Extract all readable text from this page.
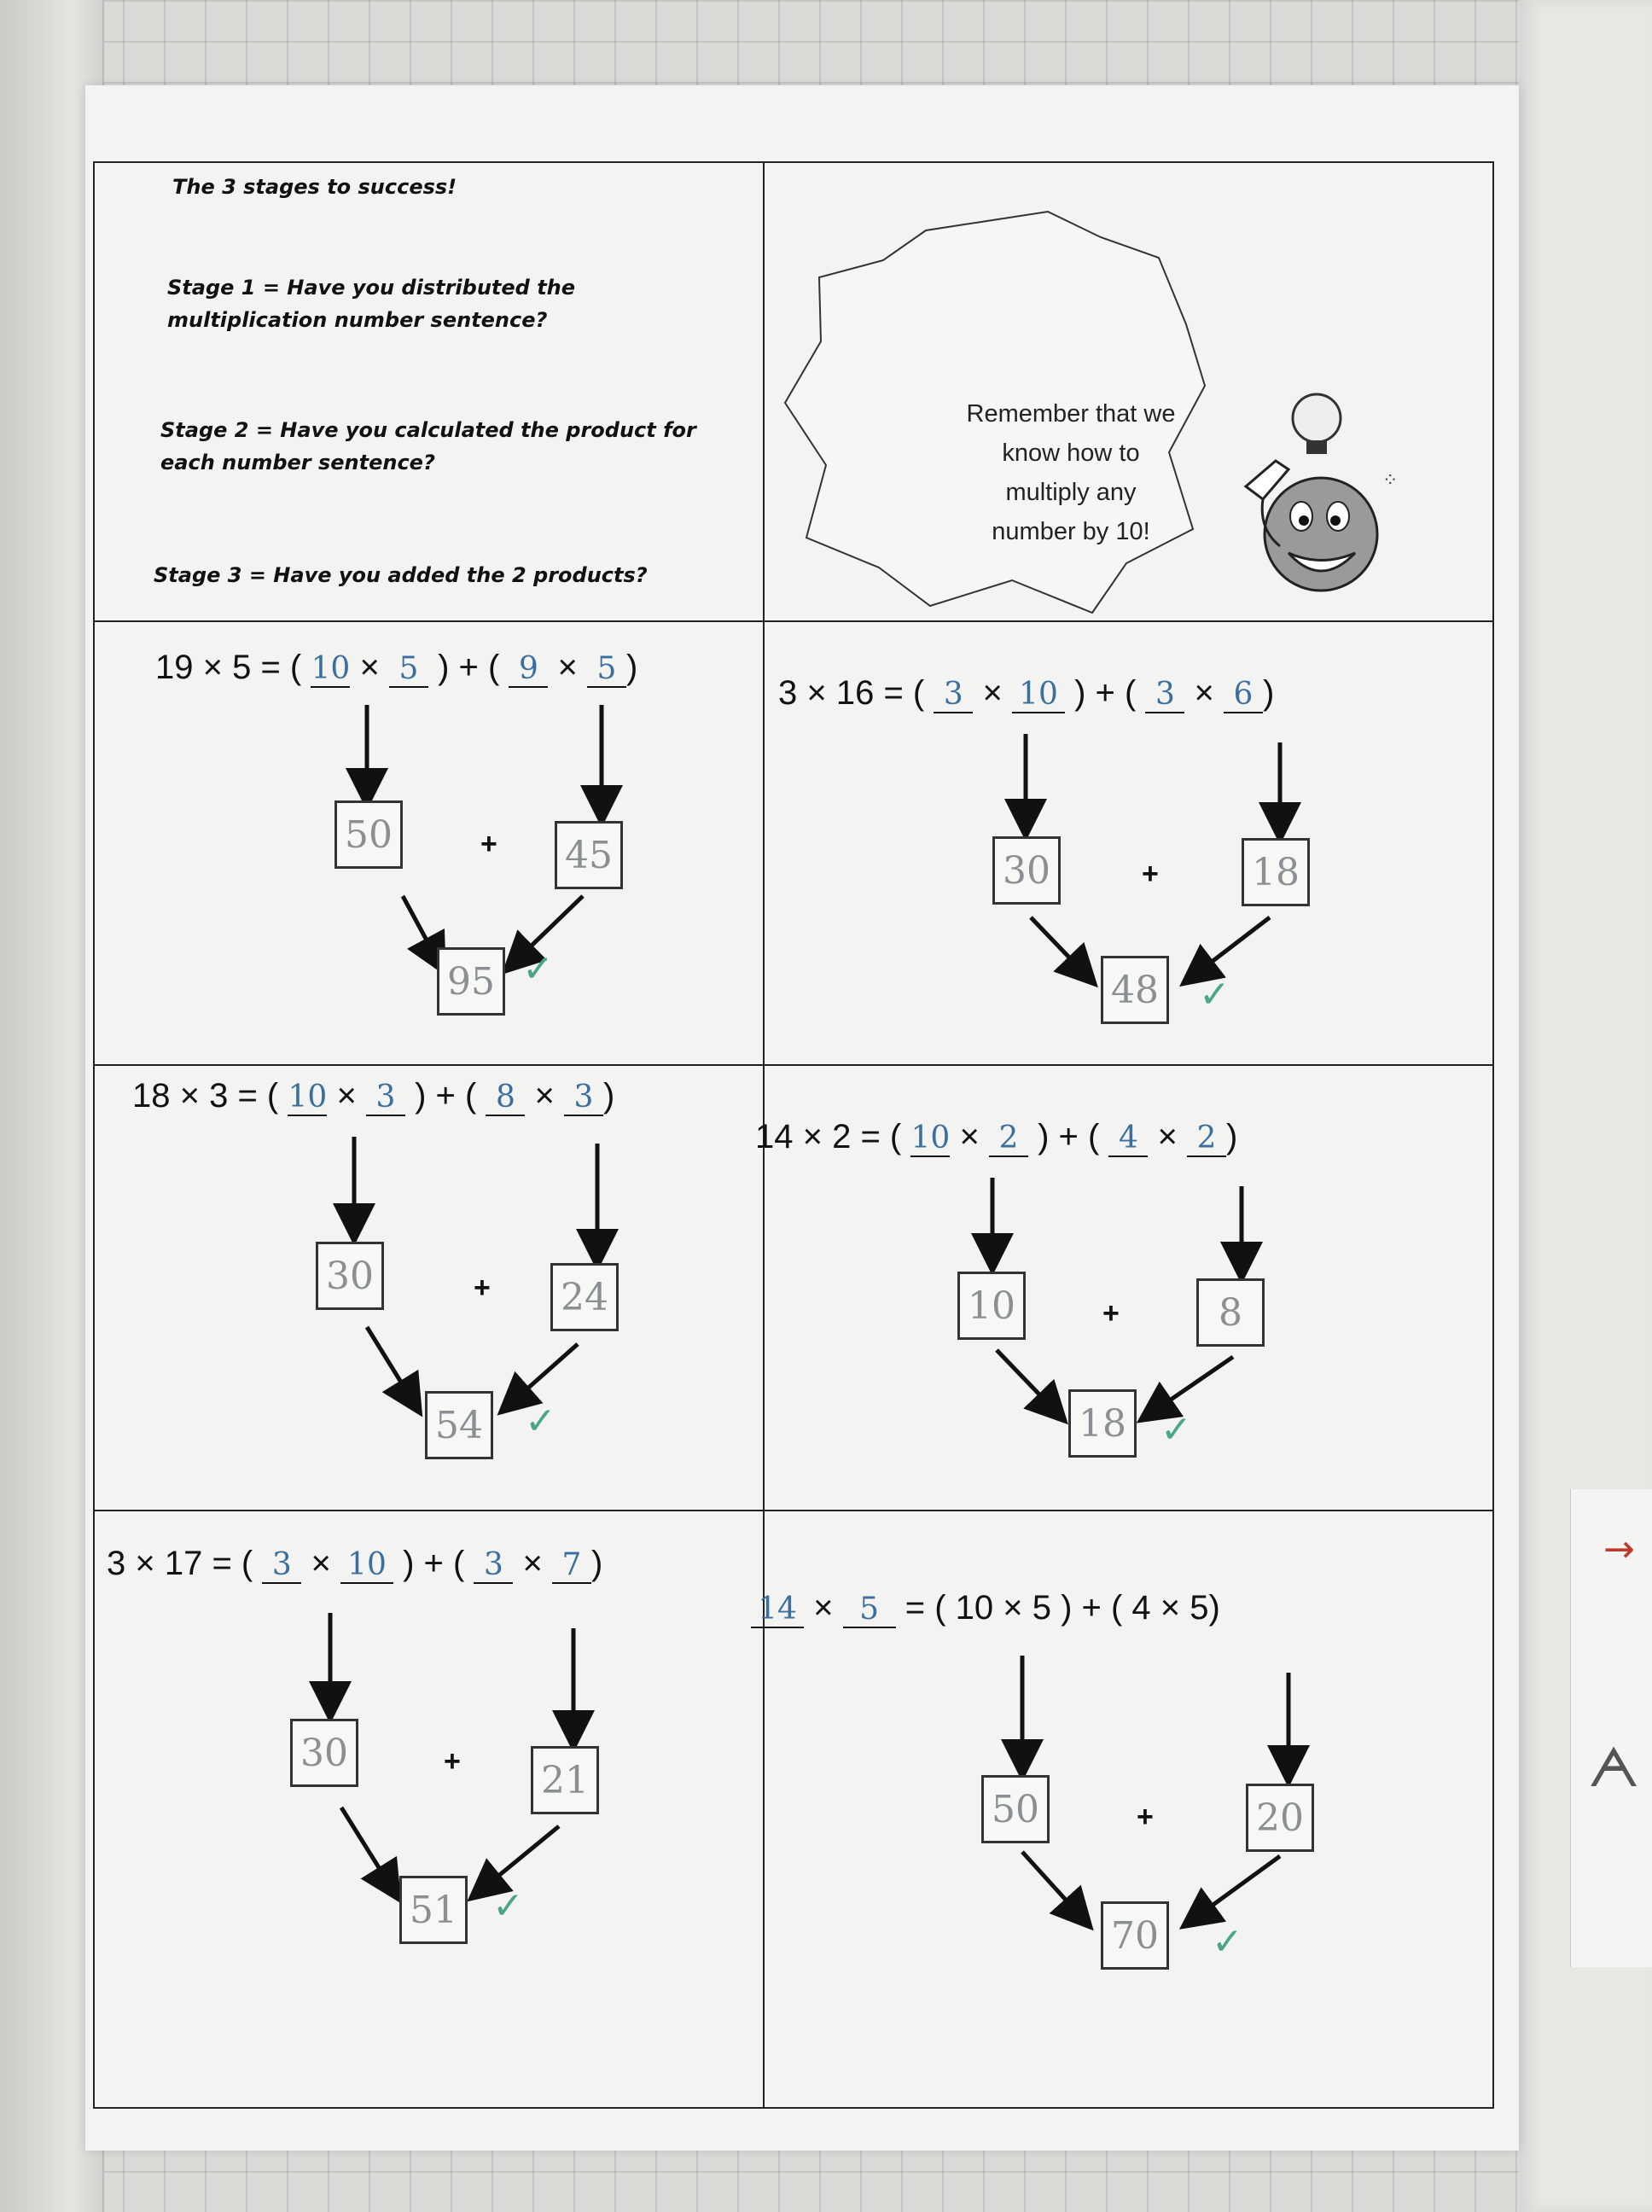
→
ᗅ
⁘
The 3 stages to success!
Stage 1 = Have you distributed the multiplication number sentence?
Stage 2 = Have you calculated the product for each number sentence?
Stage 3 = Have you added the 2 products?
Remember that we
know how to
multiply any
number by 10!
19 × 5 = ( 10 × 5 ) + ( 9 × 5 )
3 × 16 = ( 3 × 10 ) + ( 3 × 6 )
18 × 3 = ( 10 × 3 ) + ( 8 × 3 )
14 × 2 = ( 10 × 2 ) + ( 4 × 2 )
3 × 17 = ( 3 × 10 ) + ( 3 × 7 )
14 × 5 = ( 10 × 5 ) + ( 4 × 5)
50	+ 45
95 ✓
30	+ 18
48 ✓
30	+ 24
54 ✓
10	+	8
18 ✓
30	+ 21
51 ✓
50	+	20
70 ✓
